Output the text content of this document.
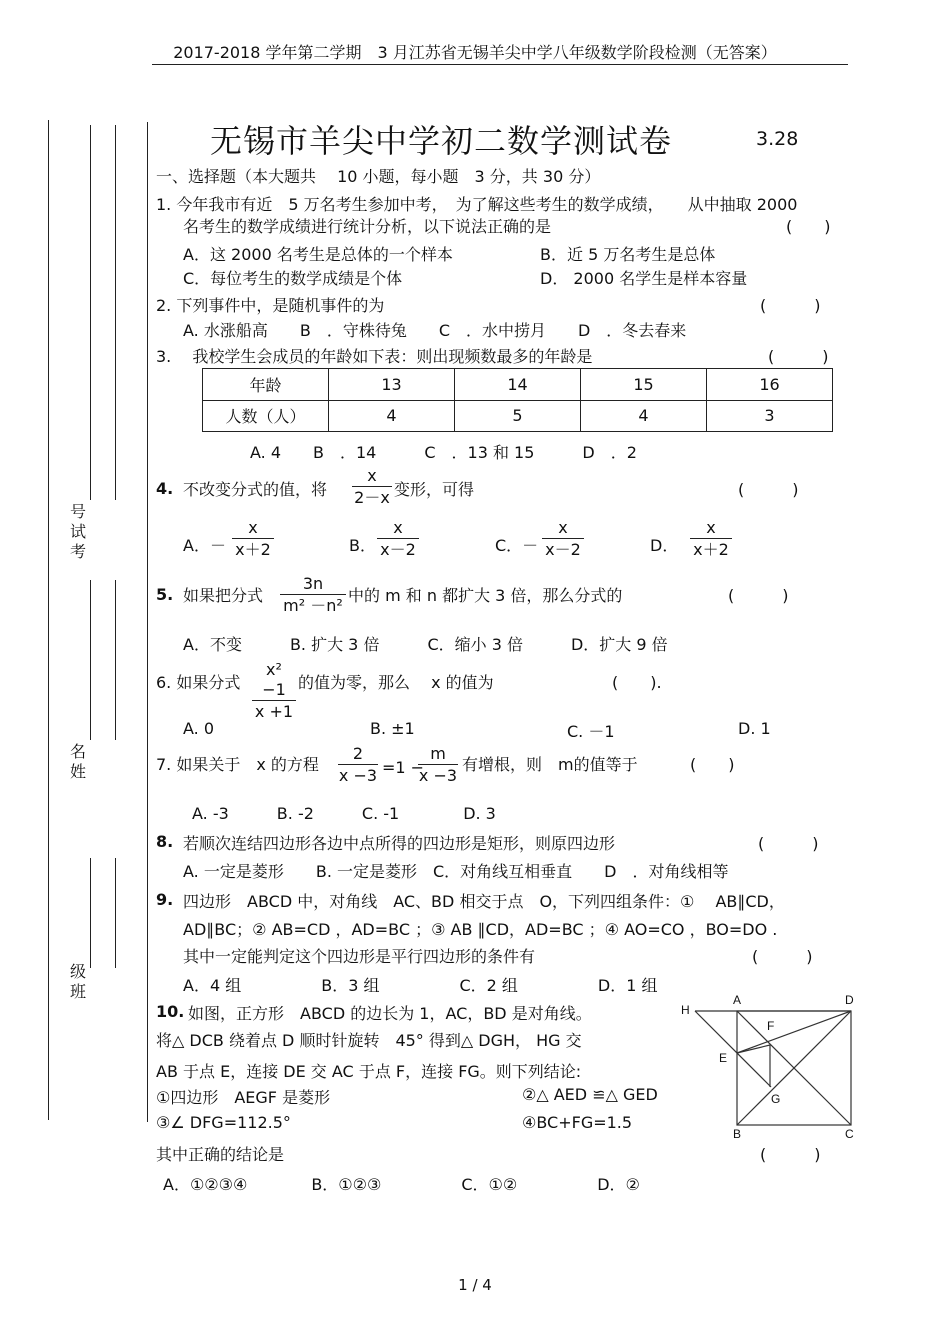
2017-2018 学年第二学期　3 月江苏省无锡羊尖中学八年级数学阶段检测（无答案）
号
试
考
名
姓
级
班
无锡市羊尖中学初二数学测试卷	3.28
一、选择题（本大题共　 10 小题，每小题　3 分，共 30 分）
1. 今年我市有近　5 万名考生参加中考，　为了解这些考生的数学成绩，　　从中抽取 2000
名考生的数学成绩进行统计分析，以下说法正确的是	(　　)
A．这 2000 名考生是总体的一个样本	B．近 5 万名考生是总体
C．每位考生的数学成绩是个体	D． 2000 名学生是样本容量
2. 下列事件中，是随机事件的为	(　　　)
A. 水涨船高　　B　．守株待兔　　C　．水中捞月　　D　．冬去春来
3.　 我校学生会成员的年龄如下表：则出现频数最多的年龄是	(　　　)
年龄	13	14	15	16
人数（人）	4	5	4	3
A. 4　　B　．14　　　C　．13 和 15　　　D　．2
4. 不改变分式的值，将 $\frac{x}{2-x}$ 变形，可得	(　　　)
A．－ $\frac{x}{x+2}$	B． $\frac{x}{x-2}$	C．－ $\frac{x}{x-2}$	D． $\frac{x}{x+2}$
5. 如果把分式 $\frac{3n}{\text{m² －n²}}$ 中的 m 和 n 都扩大 3 倍，那么分式的	(　　　)
A．不变　　　B. 扩大 3 倍　　　C．缩小 3 倍　　　D．扩大 9 倍
6. 如果分式 $\frac{\text{x² −1}}{x +1}$ 的值为零，那么　 x 的值为	(　　).
A. 0	B. ±1	C. －1	D. 1
7. 如果关于　x 的方程 $\frac{2}{x -3} =1$ −
$\frac{m}{x -3}$ 有增根，则　m的值等于	(　　)
A. -3　　　B. -2　　　C. -1　　　　D. 3
8. 若顺次连结四边形各边中点所得的四边形是矩形，则原四边形	(　　　)
A. 一定是菱形　　B. 一定是菱形　C．对角线互相垂直　　D　．对角线相等
9. 四边形　ABCD 中，对角线　AC、BD 相交于点　O，下列四组条件：①　 AB∥CD，
AD∥BC；② AB=CD ，AD=BC ；③ AB ∥CD，AD=BC ；④ AO=CO ，BO=DO .
其中一定能判定这个四边形是平行四边形的条件有	(　　　)
A．4 组　　　　　B．3 组　　　　　C．2 组　　　　　D．1 组
10. 如图，正方形　ABCD 的边长为 1，AC，BD 是对角线。
将△ DCB 绕着点 D 顺时针旋转　45° 得到△ DGH， HG 交
AB 于点 E，连接 DE 交 AC 于点 F，连接 FG。则下列结论:
①四边形　AEGF 是菱形	②△ AED ≌△ GED
③∠ DFG=112.5°	④BC+FG=1.5
其中正确的结论是	(　　　)
A．①②③④　　　　B．①②③　　　　　C．①②　　　　　D．②
A	D
H
F
E
G
B	C
1 / 4
